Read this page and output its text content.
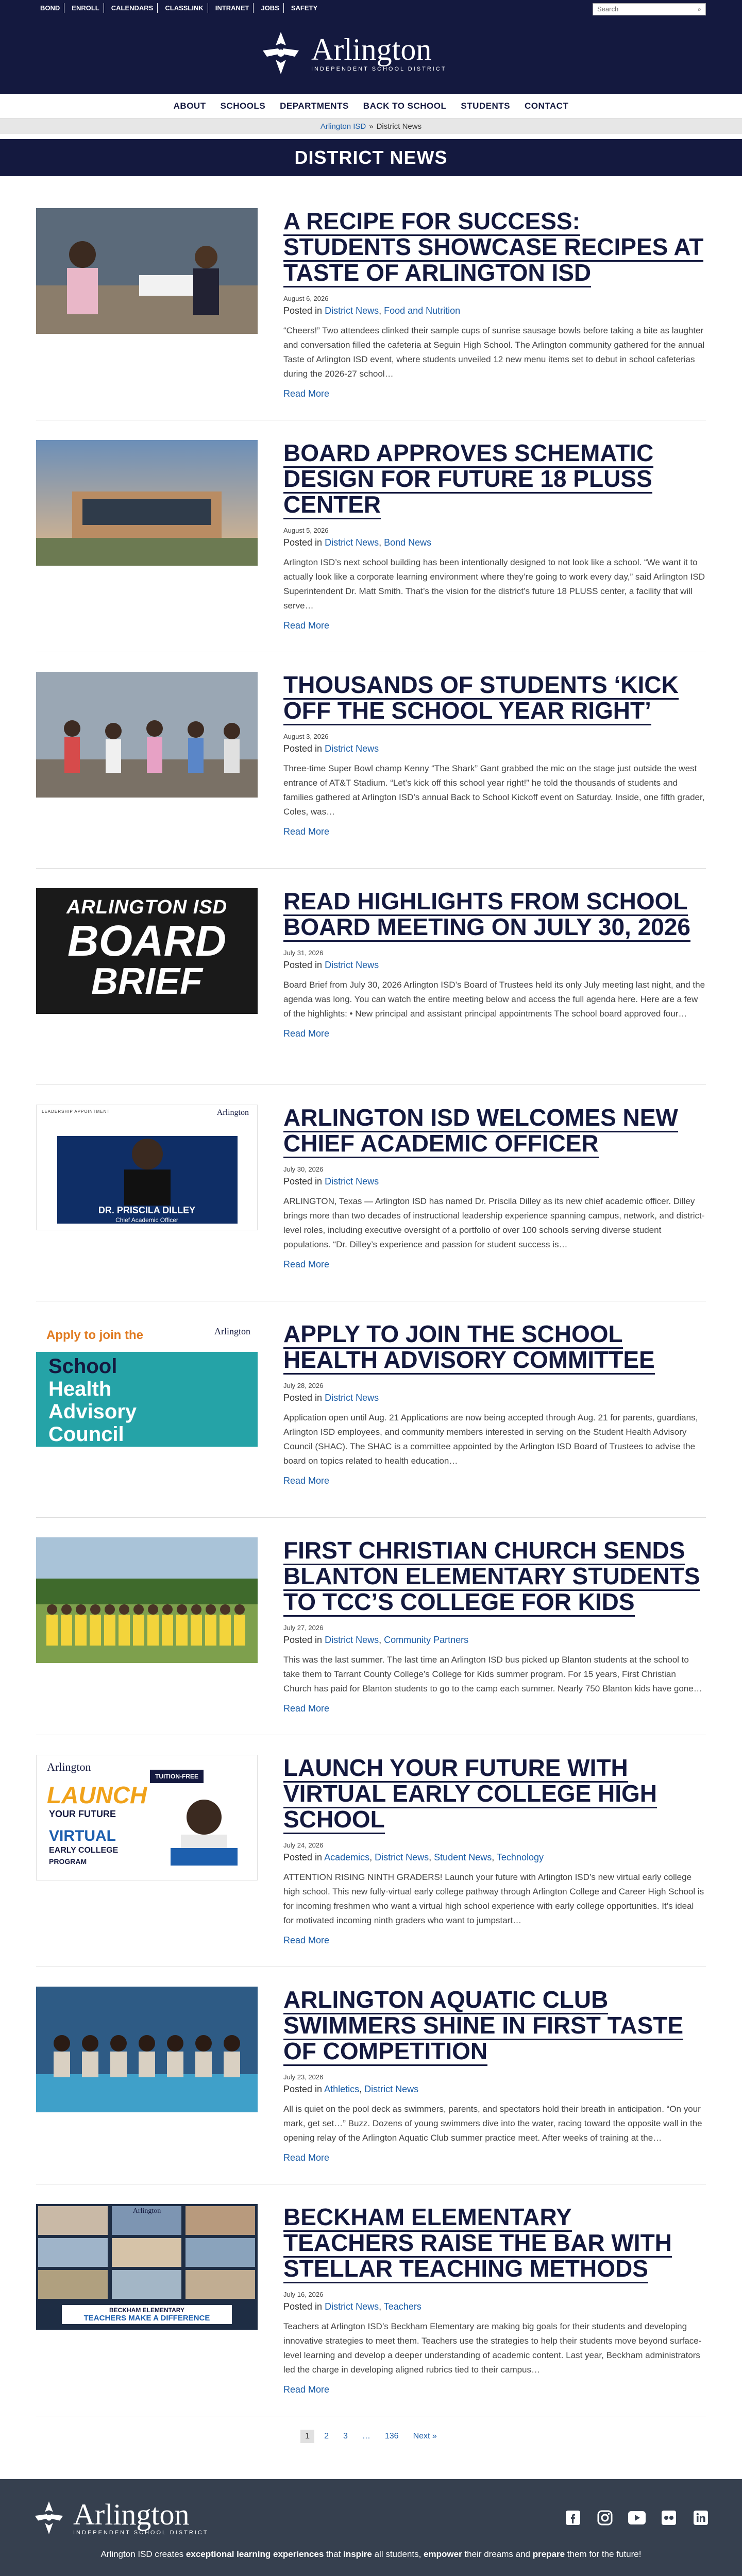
BOND	ENROLL	CALENDARS	CLASSLINK	INTRANET	JOBS	SAFETY	Search	⌕
Arlington
INDEPENDENT SCHOOL DISTRICT
ABOUT SCHOOLS DEPARTMENTS BACK TO SCHOOL STUDENTS CONTACT
Arlington ISD » District News
DISTRICT NEWS
A RECIPE FOR SUCCESS: STUDENTS SHOWCASE RECIPES AT TASTE OF ARLINGTON ISD
August 6, 2026
Posted in District News, Food and Nutrition

“Cheers!” Two attendees clinked their sample cups of sunrise sausage bowls before taking a bite as laughter and conversation filled the cafeteria at Seguin High School. The Arlington community gathered for the annual Taste of Arlington ISD event, where students unveiled 12 new menu items set to debut in school cafeterias during the 2026-27 school…

Read More
BOARD APPROVES SCHEMATIC DESIGN FOR FUTURE 18 PLUSS CENTER
August 5, 2026
Posted in District News, Bond News

Arlington ISD’s next school building has been intentionally designed to not look like a school. “We want it to actually look like a corporate learning environment where they’re going to work every day,” said Arlington ISD Superintendent Dr. Matt Smith. That’s the vision for the district’s future 18 PLUSS center, a facility that will serve…

Read More
THOUSANDS OF STUDENTS ‘KICK OFF THE SCHOOL YEAR RIGHT’
August 3, 2026
Posted in District News

Three-time Super Bowl champ Kenny “The Shark” Gant grabbed the mic on the stage just outside the west entrance of AT&T Stadium. “Let’s kick off this school year right!” he told the thousands of students and families gathered at Arlington ISD’s annual Back to School Kickoff event on Saturday. Inside, one fifth grader, Coles, was…

Read More
ARLINGTON ISD
BOARD
BRIEF
READ HIGHLIGHTS FROM SCHOOL BOARD MEETING ON JULY 30, 2026
July 31, 2026
Posted in District News

Board Brief from July 30, 2026 Arlington ISD’s Board of Trustees held its only July meeting last night, and the agenda was long. You can watch the entire meeting below and access the full agenda here. Here are a few of the highlights: • New principal and assistant principal appointments The school board approved four…

Read More
LEADERSHIP APPOINTMENT	Arlington
DR. PRISCILA DILLEY
Chief Academic Officer
ARLINGTON ISD WELCOMES NEW CHIEF ACADEMIC OFFICER
July 30, 2026
Posted in District News

ARLINGTON, Texas — Arlington ISD has named Dr. Priscila Dilley as its new chief academic officer. Dilley brings more than two decades of instructional leadership experience spanning campus, network, and district-level roles, including executive oversight of a portfolio of over 100 schools serving diverse student populations. “Dr. Dilley’s experience and passion for student success is…

Read More
Apply to join the	Arlington
School
Health
Advisory
Council
APPLY TO JOIN THE SCHOOL HEALTH ADVISORY COMMITTEE
July 28, 2026
Posted in District News

Application open until Aug. 21 Applications are now being accepted through Aug. 21 for parents, guardians, Arlington ISD employees, and community members interested in serving on the Student Health Advisory Council (SHAC). The SHAC is a committee appointed by the Arlington ISD Board of Trustees to advise the board on topics related to health education…

Read More
FIRST CHRISTIAN CHURCH SENDS BLANTON ELEMENTARY STUDENTS TO TCC’S COLLEGE FOR KIDS
July 27, 2026
Posted in District News, Community Partners

This was the last summer. The last time an Arlington ISD bus picked up Blanton students at the school to take them to Tarrant County College’s College for Kids summer program. For 15 years, First Christian Church has paid for Blanton students to go to the camp each summer. Nearly 750 Blanton kids have gone…

Read More
Arlington
LAUNCH
YOUR FUTURE
VIRTUAL
EARLY COLLEGE
PROGRAM
TUITION-FREE	LAUNCH YOUR FUTURE WITH VIRTUAL EARLY COLLEGE HIGH SCHOOL
July 24, 2026
Posted in Academics, District News, Student News, Technology

ATTENTION RISING NINTH GRADERS! Launch your future with Arlington ISD’s new virtual early college high school. This new fully-virtual early college pathway through Arlington College and Career High School is for incoming freshmen who want a virtual high school experience with early college opportunities. It’s ideal for motivated incoming ninth graders who want to jumpstart…

Read More
ARLINGTON AQUATIC CLUB SWIMMERS SHINE IN FIRST TASTE OF COMPETITION
July 23, 2026
Posted in Athletics, District News

All is quiet on the pool deck as swimmers, parents, and spectators hold their breath in anticipation. “On your mark, get set…” Buzz. Dozens of young swimmers dive into the water, racing toward the opposite wall in the opening relay of the Arlington Aquatic Club summer practice meet. After weeks of training at the…

Read More
Arlington
BECKHAM ELEMENTARY
TEACHERS MAKE A DIFFERENCE
BECKHAM ELEMENTARY TEACHERS RAISE THE BAR WITH STELLAR TEACHING METHODS
July 16, 2026
Posted in District News, Teachers

Teachers at Arlington ISD’s Beckham Elementary are making big goals for their students and developing innovative strategies to meet them. Teachers use the strategies to help their students move beyond surface-level learning and develop a deeper understanding of academic content. Last year, Beckham administrators led the charge in developing aligned rubrics tied to their campus…

Read More
1	2	3	…	136	Next »
Arlington
INDEPENDENT SCHOOL DISTRICT

Arlington ISD creates exceptional learning experiences that inspire all students, empower their dreams and prepare them for the future!
